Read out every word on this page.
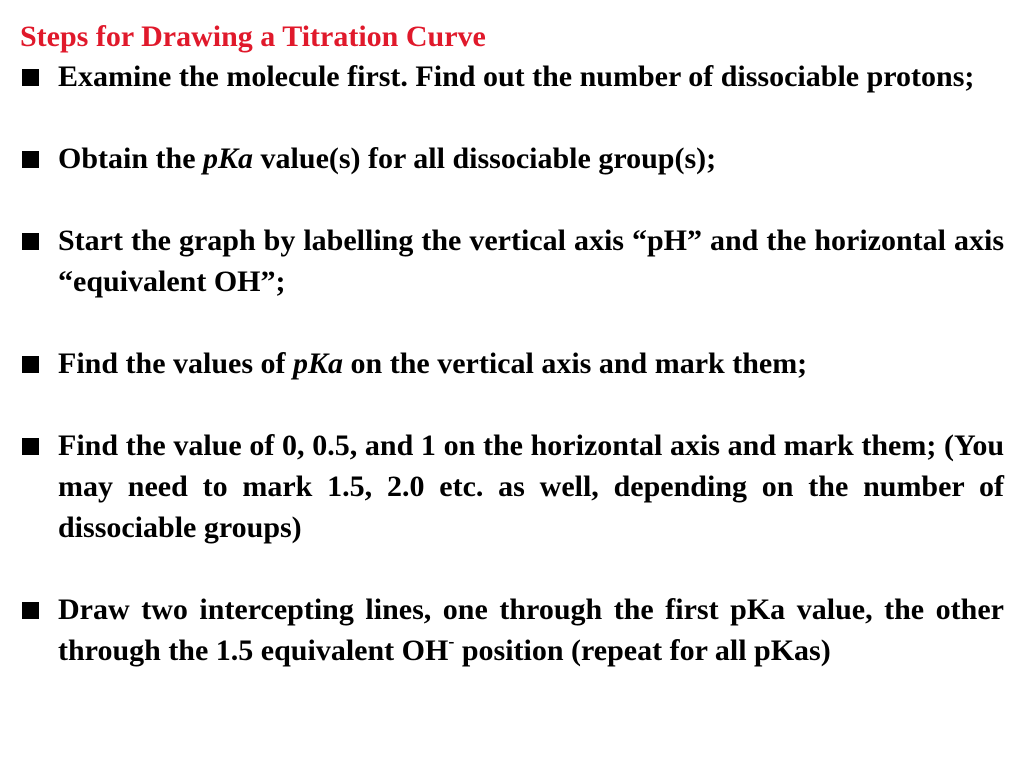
Steps for Drawing a Titration Curve
Examine the molecule first. Find out the number of dissociable protons;
Obtain the pKa value(s) for all dissociable group(s);
Start the graph by labelling the vertical axis “pH” and the horizontal axis “equivalent OH”;
Find the values of pKa on the vertical axis and mark them;
Find the value of 0, 0.5, and 1 on the horizontal axis and mark them; (You may need to mark 1.5, 2.0 etc. as well, depending on the number of dissociable groups)
Draw two intercepting lines, one through the first pKa value, the other through the 1.5 equivalent OH- position (repeat for all pKas)
